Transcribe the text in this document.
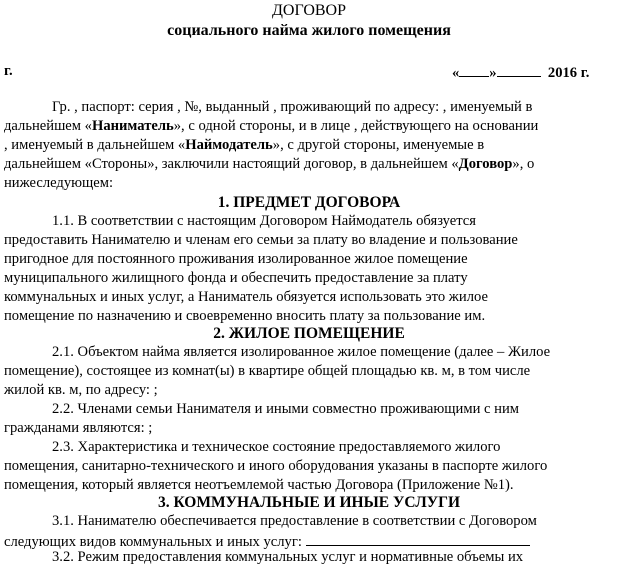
ДОГОВОР
социального найма жилого помещения
г.	« »	2016 г.
Гр. , паспорт: серия , №, выданный , проживающий по адресу: , именуемый в
дальнейшем «Наниматель», с одной стороны, и в лице , действующего на основании
, именуемый в дальнейшем «Наймодатель», с другой стороны, именуемые в
дальнейшем «Стороны», заключили настоящий договор, в дальнейшем «Договор», о
нижеследующем:
1. ПРЕДМЕТ ДОГОВОРА
1.1. В соответствии с настоящим Договором Наймодатель обязуется
предоставить Нанимателю и членам его семьи за плату во владение и пользование
пригодное для постоянного проживания изолированное жилое помещение
муниципального жилищного фонда и обеспечить предоставление за плату
коммунальных и иных услуг, а Наниматель обязуется использовать это жилое
помещение по назначению и своевременно вносить плату за пользование им.
2. ЖИЛОЕ ПОМЕЩЕНИЕ
2.1. Объектом найма является изолированное жилое помещение (далее – Жилое
помещение), состоящее из комнат(ы) в квартире общей площадью кв. м, в том числе
жилой кв. м, по адресу: ;
2.2. Членами семьи Нанимателя и иными совместно проживающими с ним
гражданами являются: ;
2.3. Характеристика и техническое состояние предоставляемого жилого
помещения, санитарно-технического и иного оборудования указаны в паспорте жилого
помещения, который является неотъемлемой частью Договора (Приложение №1).
3. КОММУНАЛЬНЫЕ И ИНЫЕ УСЛУГИ
3.1. Нанимателю обеспечивается предоставление в соответствии с Договором
следующих видов коммунальных и иных услуг:
3.2. Режим предоставления коммунальных услуг и нормативные объемы их
